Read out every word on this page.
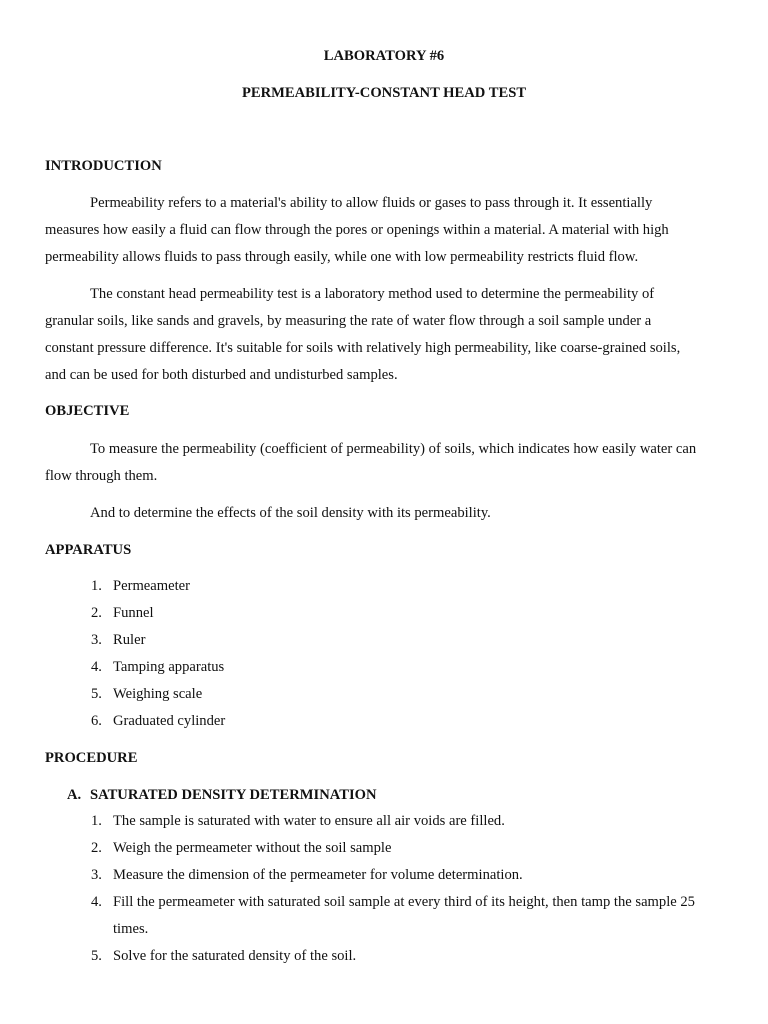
LABORATORY #6
PERMEABILITY-CONSTANT HEAD TEST
INTRODUCTION
Permeability refers to a material's ability to allow fluids or gases to pass through it. It essentially
measures how easily a fluid can flow through the pores or openings within a material. A material with high
permeability allows fluids to pass through easily, while one with low permeability restricts fluid flow.
The constant head permeability test is a laboratory method used to determine the permeability of
granular soils, like sands and gravels, by measuring the rate of water flow through a soil sample under a
constant pressure difference. It's suitable for soils with relatively high permeability, like coarse-grained soils,
and can be used for both disturbed and undisturbed samples.
OBJECTIVE
To measure the permeability (coefficient of permeability) of soils, which indicates how easily water can
flow through them.
And to determine the effects of the soil density with its permeability.
APPARATUS
1. Permeameter
2. Funnel
3. Ruler
4. Tamping apparatus
5. Weighing scale
6. Graduated cylinder
PROCEDURE
A. SATURATED DENSITY DETERMINATION
1. The sample is saturated with water to ensure all air voids are filled.
2. Weigh the permeameter without the soil sample
3. Measure the dimension of the permeameter for volume determination.
4. Fill the permeameter with saturated soil sample at every third of its height, then tamp the sample 25
times.
5. Solve for the saturated density of the soil.
